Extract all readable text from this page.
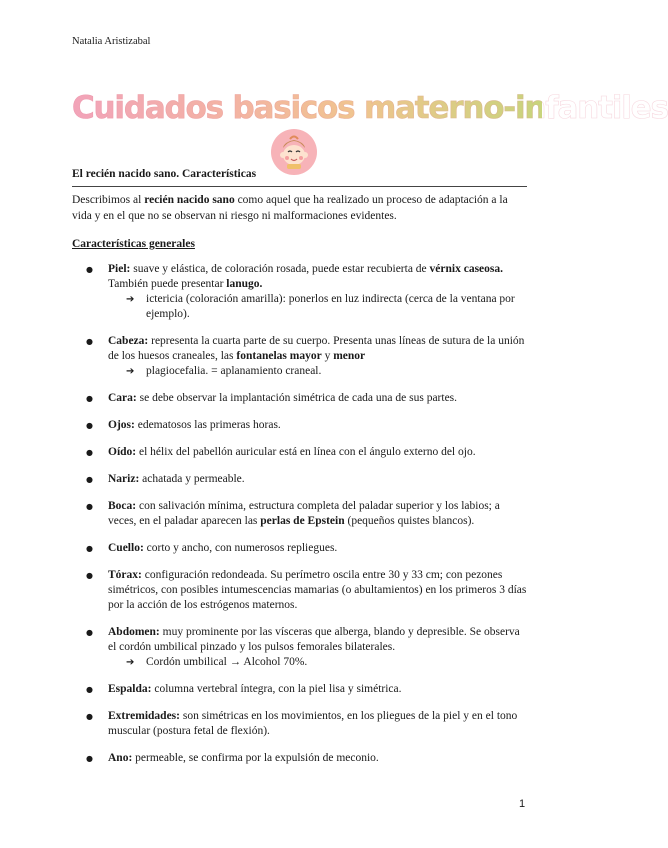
Natalia Aristizabal
Cuidados basicos materno-infantiles
El recién nacido sano. Características
Describimos al recién nacido sano como aquel que ha realizado un proceso de adaptación a la vida y en el que no se observan ni riesgo ni malformaciones evidentes.
Características generales
● Piel: suave y elástica, de coloración rosada, puede estar recubierta de vérnix caseosa. También puede presentar lanugo.
➔ ictericia (coloración amarilla): ponerlos en luz indirecta (cerca de la ventana por ejemplo).
● Cabeza: representa la cuarta parte de su cuerpo. Presenta unas líneas de sutura de la unión de los huesos craneales, las fontanelas mayor y menor
➔ plagiocefalia. = aplanamiento craneal.
● Cara: se debe observar la implantación simétrica de cada una de sus partes.
● Ojos: edematosos las primeras horas.
● Oído: el hélix del pabellón auricular está en línea con el ángulo externo del ojo.
● Nariz: achatada y permeable.
● Boca: con salivación mínima, estructura completa del paladar superior y los labios; a veces, en el paladar aparecen las perlas de Epstein (pequeños quistes blancos).
● Cuello: corto y ancho, con numerosos repliegues.
● Tórax: configuración redondeada. Su perímetro oscila entre 30 y 33 cm; con pezones simétricos, con posibles intumescencias mamarias (o abultamientos) en los primeros 3 días por la acción de los estrógenos maternos.
● Abdomen: muy prominente por las vísceras que alberga, blando y depresible. Se observa el cordón umbilical pinzado y los pulsos femorales bilaterales.
➔ Cordón umbilical → Alcohol 70%.
● Espalda: columna vertebral íntegra, con la piel lisa y simétrica.
● Extremidades: son simétricas en los movimientos, en los pliegues de la piel y en el tono muscular (postura fetal de flexión).
● Ano: permeable, se confirma por la expulsión de meconio.
1
